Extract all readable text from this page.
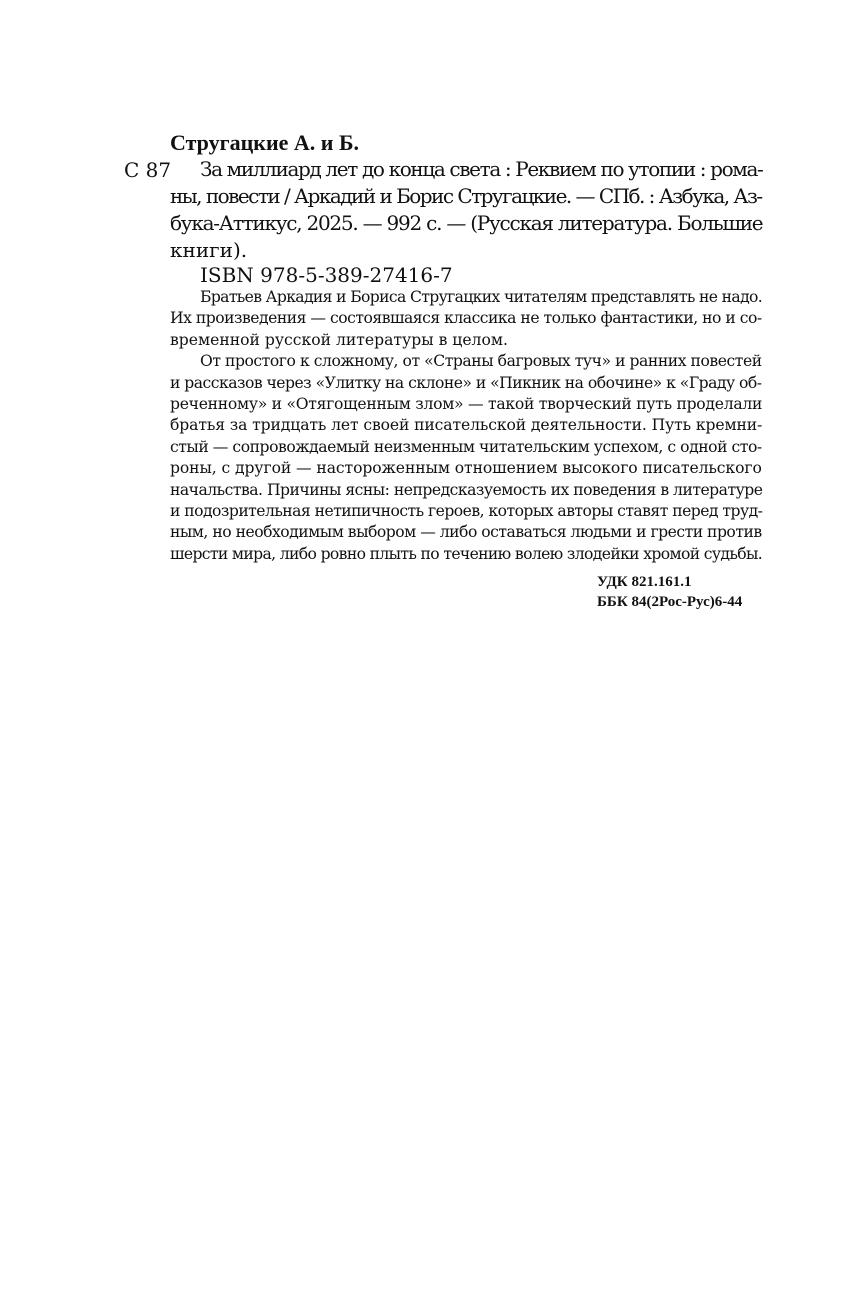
Стругацкие А. и Б.
С 87	За миллиард лет до конца света : Реквием по утопии : рома-
ны, повести / Аркадий и Борис Стругацкие. — СПб. : Азбука, Аз-
бука-Аттикус, 2025. — 992 с. — (Русская литература. Большие
книги).
ISBN 978-5-389-27416-7
Братьев Аркадия и Бориса Стругацких читателям представлять не надо.
Их произведения — состоявшаяся классика не только фантастики, но и со-
временной русской литературы в целом.
От простого к сложному, от «Страны багровых туч» и ранних повестей
и рассказов через «Улитку на склоне» и «Пикник на обочине» к «Граду об-
реченному» и «Отягощенным злом» — такой творческий путь проделали
братья за тридцать лет своей писательской деятельности. Путь кремни-
стый — сопровождаемый неизменным читательским успехом, с одной сто-
роны, с другой — настороженным отношением высокого писательского
начальства. Причины ясны: непредсказуемость их поведения в литературе
и подозрительная нетипичность героев, которых авторы ставят перед труд-
ным, но необходимым выбором — либо оставаться людьми и грести против
шерсти мира, либо ровно плыть по течению волею злодейки хромой судьбы.
УДК 821.161.1
ББК 84(2Рос-Рус)6-44
